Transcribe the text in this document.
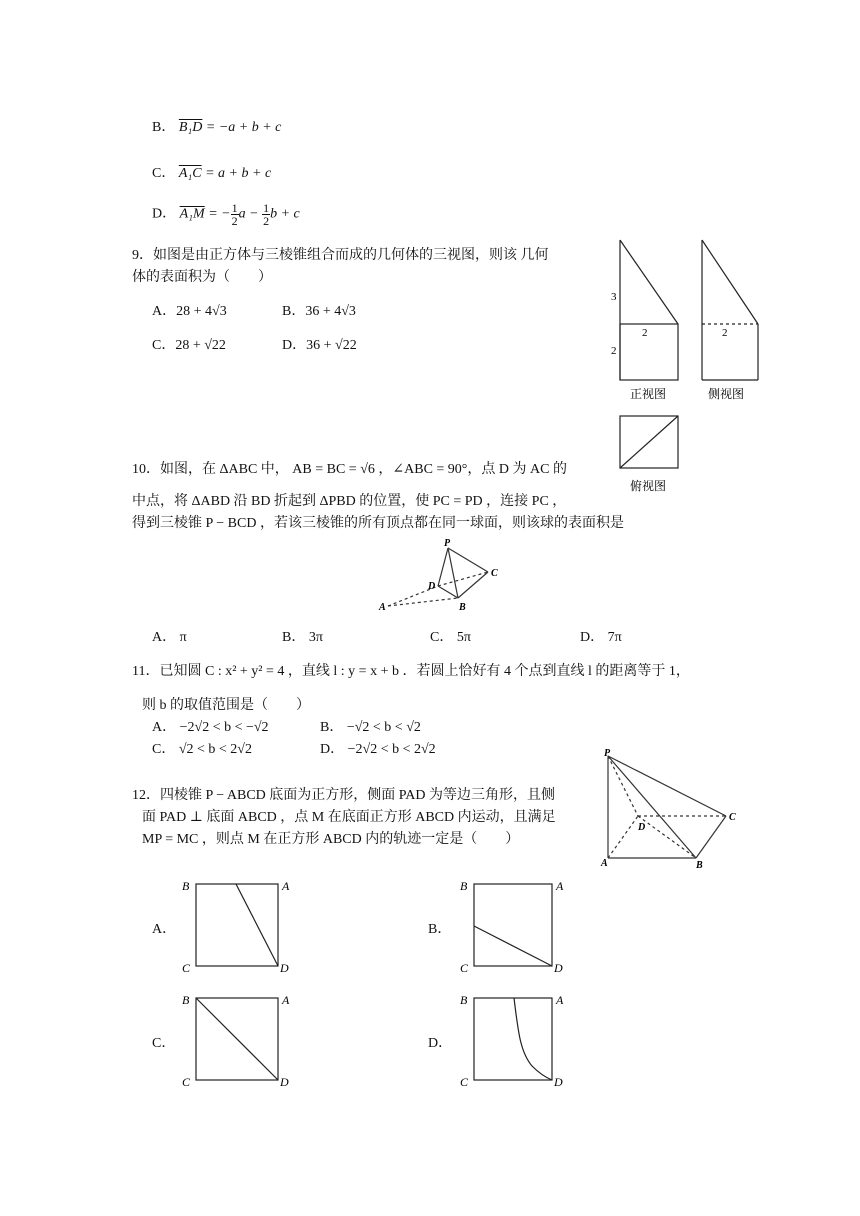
B． B₁D = −a + b + c
C． A₁C = a + b + c
D． A₁M = − $\frac{1}{2}$ $a - \frac{1}{2}$ b + c
9．如图是由正方体与三棱锥组合而成的几何体的三视图，则该 几何
体的表面积为（　　）
A．28 + 4√3	B．36 + 4√3
C．28 + √22	D．36 + √22
3
2
2
正视图
2
侧视图
俯视图
10．如图，在 ΔABC 中， AB = BC = √6 ，∠ABC = 90°，点 D 为 AC 的
中点，将 ΔABD 沿 BD 折起到 ΔPBD 的位置，使 PC = PD ，连接 PC ，
得到三棱锥 P − BCD ，若该三棱锥的所有顶点都在同一球面，则该球的表面积是
P
C
D
A	B
A． π	B． 3π	C． 5π	D． 7π
11．已知圆 C : x² + y² = 4 ，直线 l : y = x + b ．若圆上恰好有 4 个点到直线 l 的距离等于 1，
则 b 的取值范围是（　　）
A． −2√2 < b < −√2	B． −√2 < b < √2
C． √2 < b < 2√2	D． −2√2 < b < 2√2
12．四棱锥 P − ABCD 底面为正方形，侧面 PAD 为等边三角形，且侧
面 PAD ⊥ 底面 ABCD ，点 M 在底面正方形 ABCD 内运动，且满足
MP = MC ，则点 M 在正方形 ABCD 内的轨迹一定是（　　）
P
D
C
A	B
A．
B	A
C	D
B．
B	A
C	D
C．
B	A
C	D
D．
B	A
C	D
